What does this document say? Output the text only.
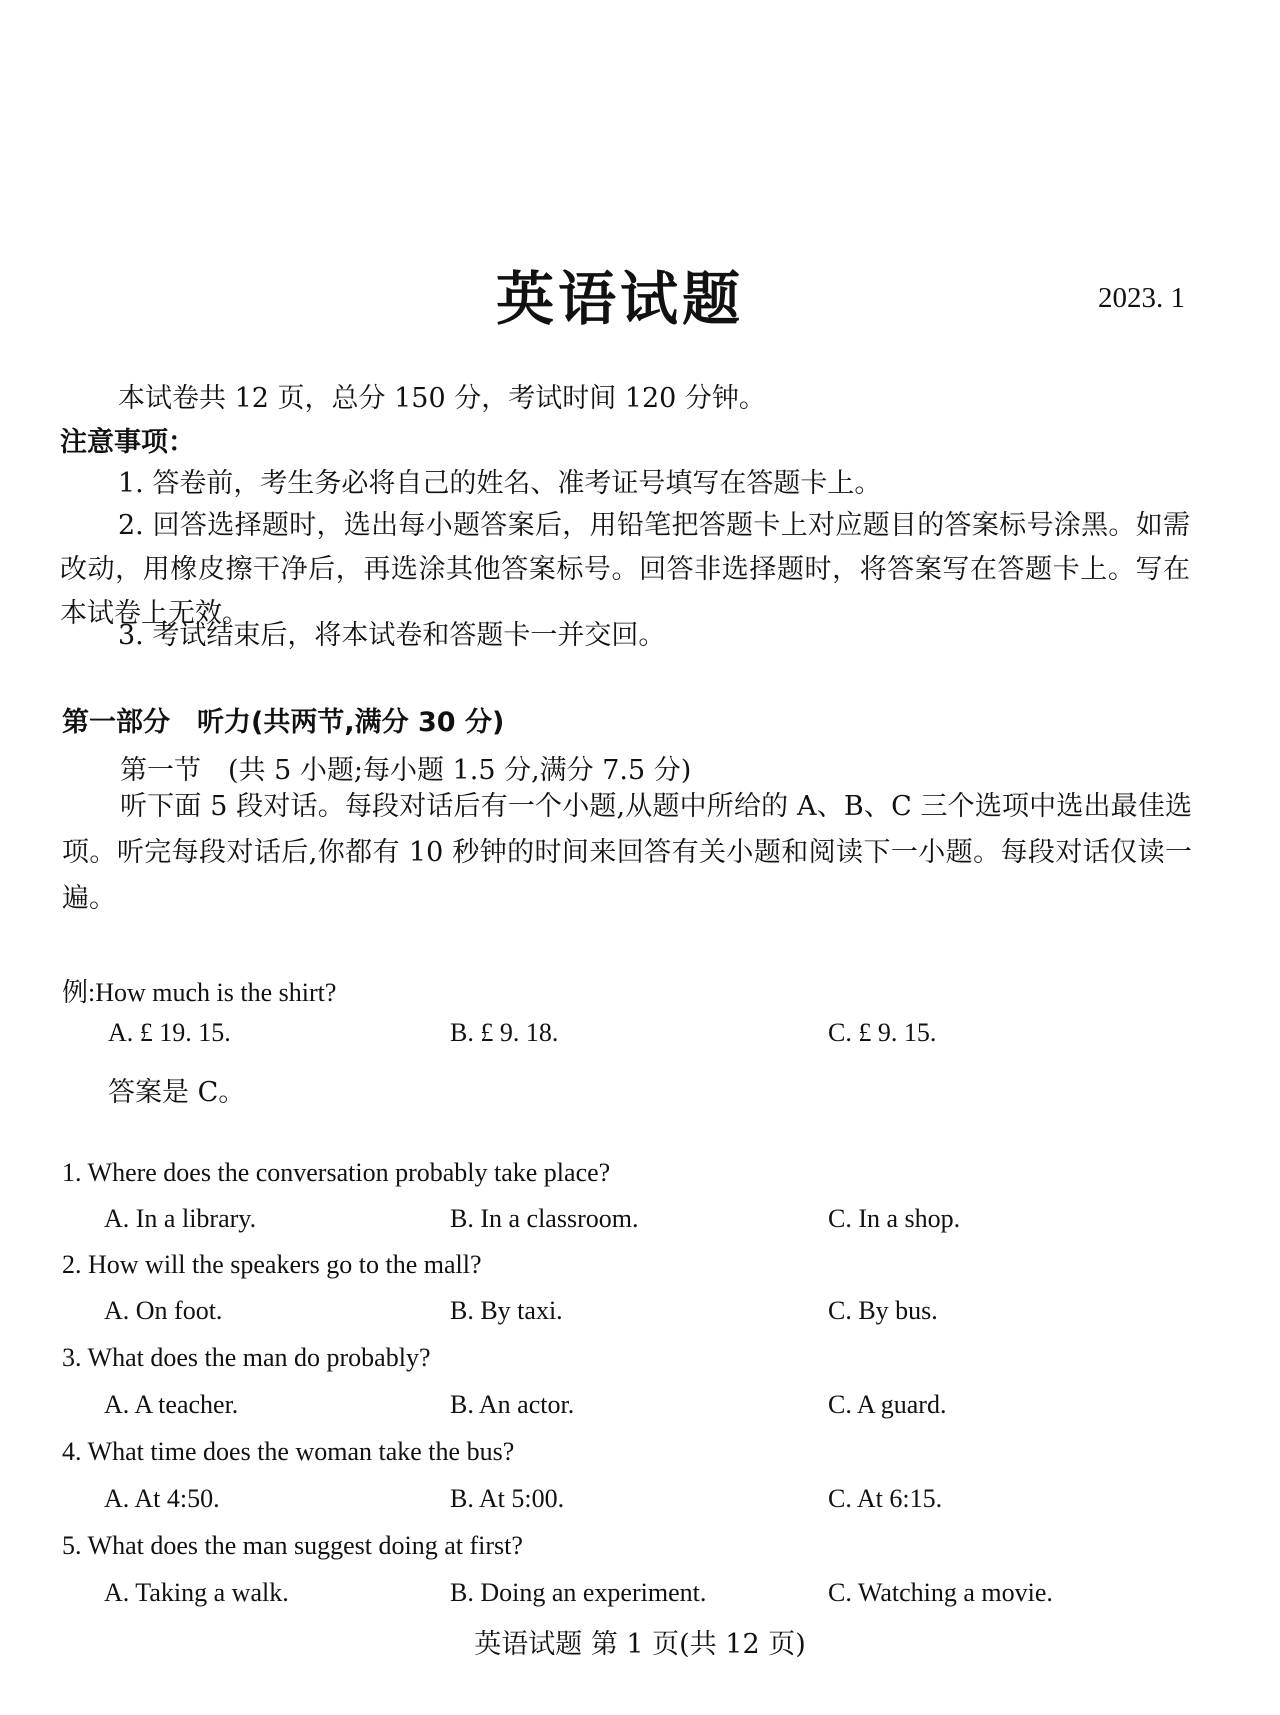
英语试题	2023. 1
本试卷共 12 页，总分 150 分，考试时间 120 分钟。
注意事项：

1. 答卷前，考生务必将自己的姓名、准考证号填写在答题卡上。

2. 回答选择题时，选出每小题答案后，用铅笔把答题卡上对应题目的答案标号涂黑。如需改动，用橡皮擦干净后，再选涂其他答案标号。回答非选择题时，将答案写在答题卡上。写在本试卷上无效。

3. 考试结束后，将本试卷和答题卡一并交回。

第一部分　听力(共两节,满分 30 分)
第一节　(共 5 小题;每小题 1.5 分,满分 7.5 分)

听下面 5 段对话。每段对话后有一个小题,从题中所给的 A、B、C 三个选项中选出最佳选项。听完每段对话后,你都有 10 秒钟的时间来回答有关小题和阅读下一小题。每段对话仅读一遍。

例:How much is the shirt?
A. £ 19. 15.	B. £ 9. 18.	C. £ 9. 15.
答案是 C。
1. Where does the conversation probably take place?
A. In a library.	B. In a classroom.	C. In a shop.
2. How will the speakers go to the mall?
A. On foot.	B. By taxi.	C. By bus.
3. What does the man do probably?
A. A teacher.	B. An actor.	C. A guard.
4. What time does the woman take the bus?
A. At 4:50.	B. At 5:00.	C. At 6:15.
5. What does the man suggest doing at first?
A. Taking a walk.	B. Doing an experiment.	C. Watching a movie.
英语试题 第 1 页(共 12 页)
